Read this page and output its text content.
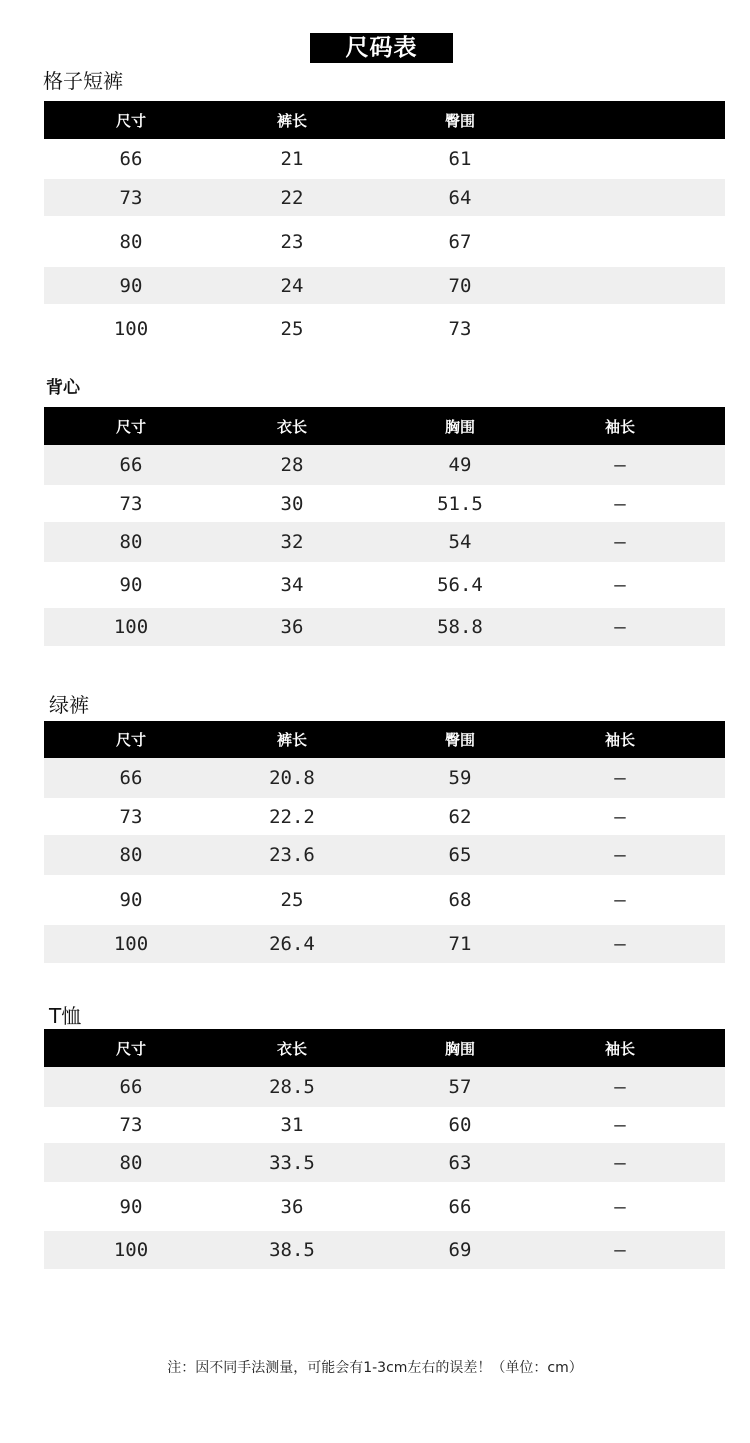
尺码表
格子短裤
尺寸	裤长	臀围
66	21	61
73	22	64
80	23	67
90	24	70
100	25	73
背心
尺寸	衣长	胸围	袖长
66	28	49	–
73	30	51.5	–
80	32	54	–
90	34	56.4	–
100	36	58.8	–
绿裤
尺寸	裤长	臀围	袖长
66	20.8	59	–
73	22.2	62	–
80	23.6	65	–
90	25	68	–
100	26.4	71	–
T恤
尺寸	衣长	胸围	袖长
66	28.5	57	–
73	31	60	–
80	33.5	63	–
90	36	66	–
100	38.5	69	–
注：因不同手法测量，可能会有1-3cm左右的误差！（单位：cm）
